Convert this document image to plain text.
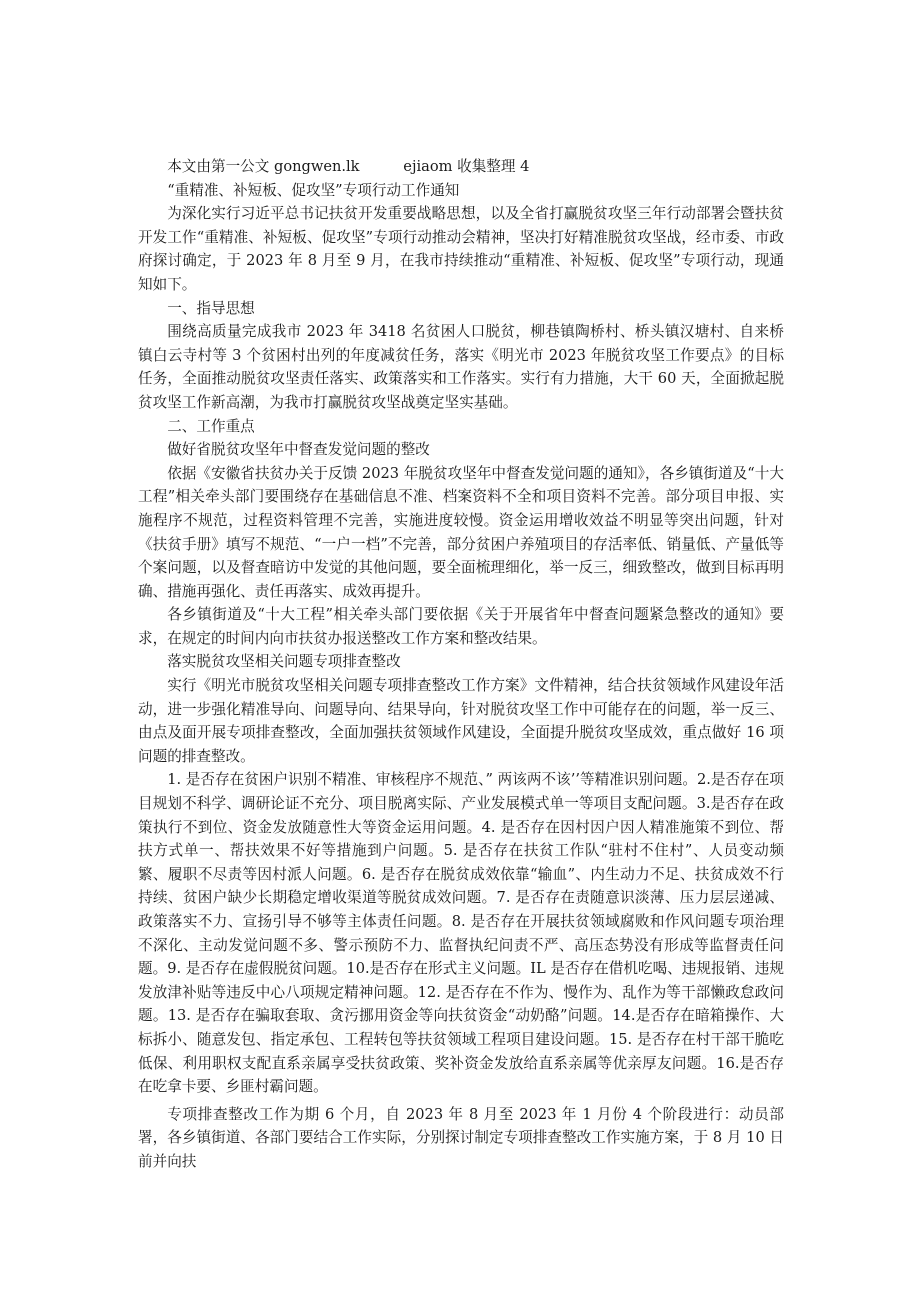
本文由第一公文 gongwen.lk　　　ejiaom 收集整理 4

“重精准、补短板、促攻坚”专项行动工作通知

为深化实行习近平总书记扶贫开发重要战略思想，以及全省打赢脱贫攻坚三年行动部署会暨扶贫开发工作“重精准、补短板、促攻坚”专项行动推动会精神，坚决打好精准脱贫攻坚战，经市委、市政府探讨确定，于 2023 年 8 月至 9 月，在我市持续推动“重精准、补短板、促攻坚”专项行动，现通知如下。

一、指导思想

围绕高质量完成我市 2023 年 3418 名贫困人口脱贫，柳巷镇陶桥村、桥头镇汉塘村、自来桥镇白云寺村等 3 个贫困村出列的年度减贫任务，落实《明光市 2023 年脱贫攻坚工作要点》的目标任务，全面推动脱贫攻坚责任落实、政策落实和工作落实。实行有力措施，大干 60 天，全面掀起脱贫攻坚工作新高潮，为我市打赢脱贫攻坚战奠定坚实基础。

二、工作重点

做好省脱贫攻坚年中督查发觉问题的整改

依据《安徽省扶贫办关于反馈 2023 年脱贫攻坚年中督查发觉问题的通知》，各乡镇街道及“十大工程”相关牵头部门要围绕存在基础信息不准、档案资料不全和项目资料不完善。部分项目申报、实施程序不规范，过程资料管理不完善，实施进度较慢。资金运用增收效益不明显等突出问题，针对《扶贫手册》填写不规范、“一户一档”不完善，部分贫困户养殖项目的存活率低、销量低、产量低等个案问题，以及督查暗访中发觉的其他问题，要全面梳理细化，举一反三，细致整改，做到目标再明确、措施再强化、责任再落实、成效再提升。

各乡镇街道及“十大工程”相关牵头部门要依据《关于开展省年中督查问题紧急整改的通知》要求，在规定的时间内向市扶贫办报送整改工作方案和整改结果。

落实脱贫攻坚相关问题专项排查整改

实行《明光市脱贫攻坚相关问题专项排查整改工作方案》文件精神，结合扶贫领域作风建设年活动，进一步强化精准导向、问题导向、结果导向，针对脱贫攻坚工作中可能存在的问题，举一反三、由点及面开展专项排查整改，全面加强扶贫领域作风建设，全面提升脱贫攻坚成效，重点做好 16 项问题的排查整改。

1. 是否存在贫困户识别不精准、审核程序不规范、” 两该两不该’’等精准识别问题。2.是否存在项目规划不科学、调研论证不充分、项目脱离实际、产业发展模式单一等项目支配问题。3.是否存在政策执行不到位、资金发放随意性大等资金运用问题。4. 是否存在因村因户因人精准施策不到位、帮扶方式单一、帮扶效果不好等措施到户问题。5. 是否存在扶贫工作队“驻村不住村”、人员变动频繁、履职不尽责等因村派人问题。6. 是否存在脱贫成效依靠“输血”、内生动力不足、扶贫成效不行持续、贫困户缺少长期稳定增收渠道等脱贫成效问题。7. 是否存在责随意识淡薄、压力层层递减、政策落实不力、宣扬引导不够等主体责任问题。8. 是否存在开展扶贫领域腐败和作风问题专项治理不深化、主动发觉问题不多、警示预防不力、监督执纪问责不严、高压态势没有形成等监督责任问题。9. 是否存在虚假脱贫问题。10.是否存在形式主义问题。IL 是否存在借机吃喝、违规报销、违规发放津补贴等违反中心八项规定精神问题。12. 是否存在不作为、慢作为、乱作为等干部懒政怠政问题。13. 是否存在骗取套取、贪污挪用资金等向扶贫资金“动奶酪”问题。14.是否存在暗箱操作、大标拆小、随意发包、指定承包、工程转包等扶贫领域工程项目建设问题。15. 是否存在村干部干脆吃低保、利用职权支配直系亲属享受扶贫政策、奖补资金发放给直系亲属等优亲厚友问题。16.是否存在吃拿卡要、乡匪村霸问题。

专项排查整改工作为期 6 个月，自 2023 年 8 月至 2023 年 1 月份 4 个阶段进行：动员部署，各乡镇街道、各部门要结合工作实际，分别探讨制定专项排查整改工作实施方案，于 8 月 10 日前并向扶
